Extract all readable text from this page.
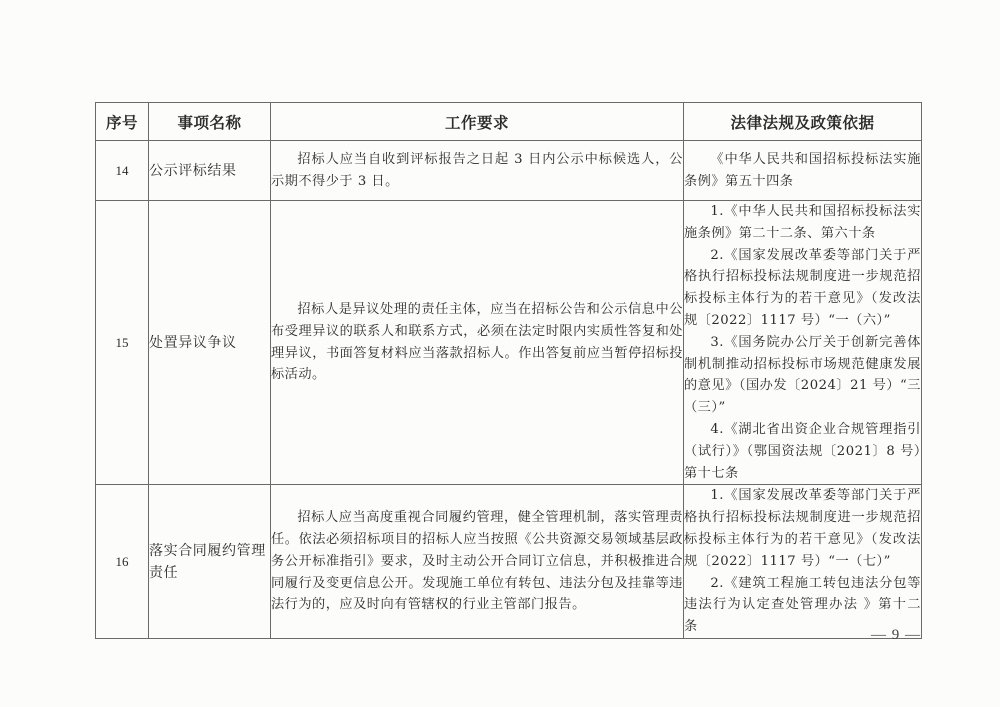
序号	事项名称	工作要求	法律法规及政策依据
14	公示评标结果	招标人应当自收到评标报告之日起 3 日内公示中标候选人，公示期不得少于 3 日。	《中华人民共和国招标投标法实施条例》第五十四条

15	处置异议争议	招标人是异议处理的责任主体，应当在招标公告和公示信息中公布受理异议的联系人和联系方式，必须在法定时限内实质性答复和处理异议，书面答复材料应当落款招标人。作出答复前应当暂停招标投标活动。	1.《中华人民共和国招标投标法实施条例》第二十二条、第六十条

2.《国家发展改革委等部门关于严格执行招标投标法规制度进一步规范招标投标主体行为的若干意见》（发改法规〔2022〕1117 号）“一（六）”

3.《国务院办公厅关于创新完善体制机制推动招标投标市场规范健康发展的意见》（国办发〔2024〕21 号）“三（三）”

4.《湖北省出资企业合规管理指引（试行）》（鄂国资法规〔2021〕8 号）第十七条

16	落实合同履约管理责任	招标人应当高度重视合同履约管理，健全管理机制，落实管理责任。依法必须招标项目的招标人应当按照《公共资源交易领域基层政务公开标准指引》要求，及时主动公开合同订立信息，并积极推进合同履行及变更信息公开。发现施工单位有转包、违法分包及挂靠等违法行为的，应及时向有管辖权的行业主管部门报告。	1.《国家发展改革委等部门关于严格执行招标投标法规制度进一步规范招标投标主体行为的若干意见》（发改法规〔2022〕1117 号）“一（七）”

2.《建筑工程施工转包违法分包等违法行为认定查处管理办法 》第十二条

— 9 —
